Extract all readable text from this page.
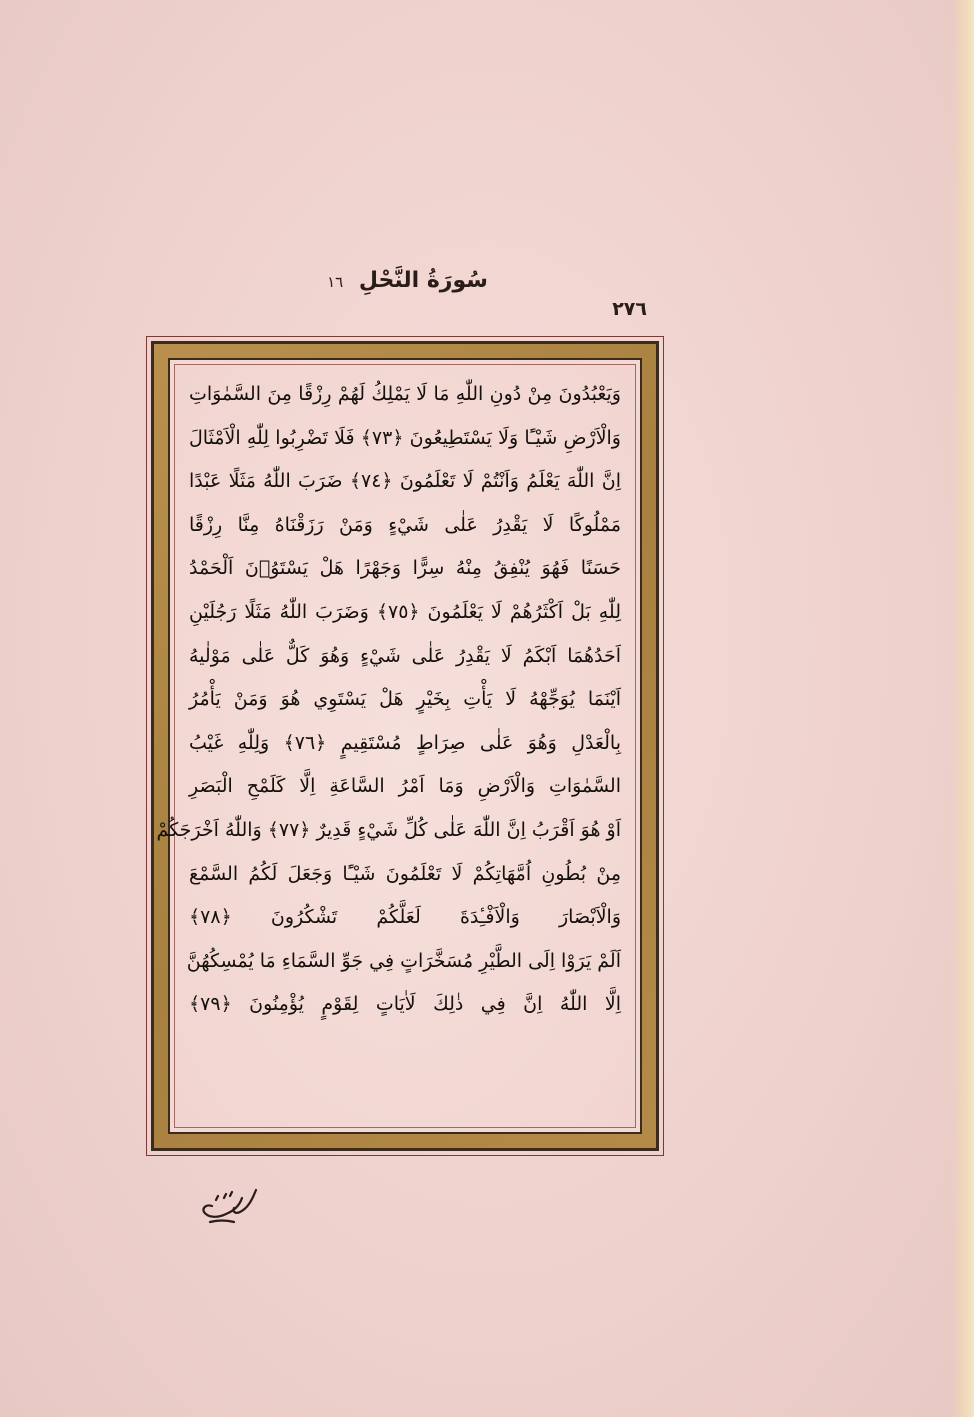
سُورَةُ النَّحْلِ ١٦
٢٧٦
وَيَعْبُدُونَ مِنْ دُونِ اللّٰهِ مَا لَا يَمْلِكُ لَهُمْ رِزْقًا مِنَ السَّمٰوَاتِ
وَالْاَرْضِ شَيْـًٔا وَلَا يَسْتَطِيعُونَ ﴿٧٣﴾ فَلَا تَضْرِبُوا لِلّٰهِ الْاَمْثَالَ
اِنَّ اللّٰهَ يَعْلَمُ وَاَنْتُمْ لَا تَعْلَمُونَ ﴿٧٤﴾ ضَرَبَ اللّٰهُ مَثَلًا عَبْدًا
مَمْلُوكًا لَا يَقْدِرُ عَلٰى شَيْءٍ وَمَنْ رَزَقْنَاهُ مِنَّا رِزْقًا
حَسَنًا فَهُوَ يُنْفِقُ مِنْهُ سِرًّا وَجَهْرًا هَلْ يَسْتَوُ۫نَ اَلْحَمْدُ
لِلّٰهِ بَلْ اَكْثَرُهُمْ لَا يَعْلَمُونَ ﴿٧٥﴾ وَضَرَبَ اللّٰهُ مَثَلًا رَجُلَيْنِ
اَحَدُهُمَا اَبْكَمُ لَا يَقْدِرُ عَلٰى شَيْءٍ وَهُوَ كَلٌّ عَلٰى مَوْلٰيهُ
اَيْنَمَا يُوَجِّهْهُ لَا يَأْتِ بِخَيْرٍ هَلْ يَسْتَوِي هُوَ وَمَنْ يَأْمُرُ
بِالْعَدْلِ وَهُوَ عَلٰى صِرَاطٍ مُسْتَقِيمٍ ﴿٧٦﴾ وَلِلّٰهِ غَيْبُ
السَّمٰوَاتِ وَالْاَرْضِ وَمَا اَمْرُ السَّاعَةِ اِلَّا كَلَمْحِ الْبَصَرِ
اَوْ هُوَ اَقْرَبُ اِنَّ اللّٰهَ عَلٰى كُلِّ شَيْءٍ قَدِيرٌ ﴿٧٧﴾ وَاللّٰهُ اَخْرَجَكُمْ
مِنْ بُطُونِ اُمَّهَاتِكُمْ لَا تَعْلَمُونَ شَيْـًٔا وَجَعَلَ لَكُمُ السَّمْعَ
وَالْاَبْصَارَ وَالْاَفْـِٔدَةَ لَعَلَّكُمْ تَشْكُرُونَ ﴿٧٨﴾
اَلَمْ يَرَوْا اِلَى الطَّيْرِ مُسَخَّرَاتٍ فِي جَوِّ السَّمَاءِ مَا يُمْسِكُهُنَّ
اِلَّا اللّٰهُ اِنَّ فِي ذٰلِكَ لَاٰيَاتٍ لِقَوْمٍ يُؤْمِنُونَ ﴿٧٩﴾
